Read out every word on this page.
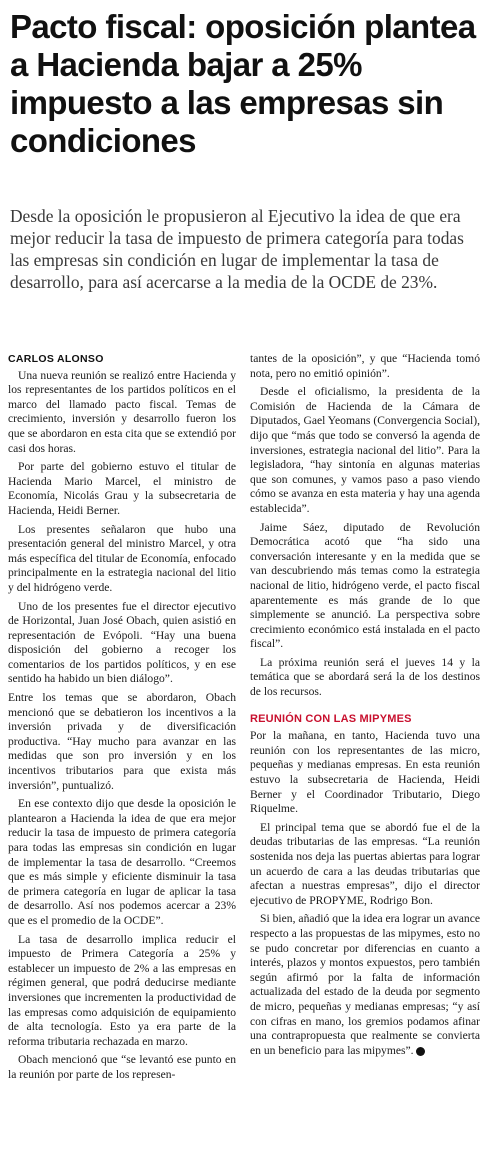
Pacto fiscal: oposición plantea a Hacienda bajar a 25% impuesto a las empresas sin condiciones

Desde la oposición le propusieron al Ejecutivo la idea de que era mejor reducir la tasa de impuesto de primera categoría para todas las empresas sin condición en lugar de implementar la tasa de desarrollo, para así acercarse a la media de la OCDE de 23%.

CARLOS ALONSO

Una nueva reunión se realizó entre Hacienda y los representantes de los partidos políticos en el marco del llamado pacto fiscal. Temas de crecimiento, inversión y desarrollo fueron los que se abordaron en esta cita que se extendió por casi dos horas.

Por parte del gobierno estuvo el titular de Hacienda Mario Marcel, el ministro de Economía, Nicolás Grau y la subsecretaria de Hacienda, Heidi Berner.

Los presentes señalaron que hubo una presentación general del ministro Marcel, y otra más específica del titular de Economía, enfocado principalmente en la estrategia nacional del litio y del hidrógeno verde.

Uno de los presentes fue el director ejecutivo de Horizontal, Juan José Obach, quien asistió en representación de Evópoli. “Hay una buena disposición del gobierno a recoger los comentarios de los partidos políticos, y en ese sentido ha habido un bien diálogo”.

Entre los temas que se abordaron, Obach mencionó que se debatieron los incentivos a la inversión privada y de diversificación productiva. “Hay mucho para avanzar en las medidas que son pro inversión y en los incentivos tributarios para que exista más inversión”, puntualizó.

En ese contexto dijo que desde la oposición le plantearon a Hacienda la idea de que era mejor reducir la tasa de impuesto de primera categoría para todas las empresas sin condición en lugar de implementar la tasa de desarrollo. “Creemos que es más simple y eficiente disminuir la tasa de primera categoría en lugar de aplicar la tasa de desarrollo. Así nos podemos acercar a 23% que es el promedio de la OCDE”.

La tasa de desarrollo implica reducir el impuesto de Primera Categoría a 25% y establecer un impuesto de 2% a las empresas en régimen general, que podrá deducirse mediante inversiones que incrementen la productividad de las empresas como adquisición de equipamiento de alta tecnología. Esto ya era parte de la reforma tributaria rechazada en marzo.

Obach mencionó que “se levantó ese punto en la reunión por parte de los represen-

tantes de la oposición”, y que “Hacienda tomó nota, pero no emitió opinión”.

Desde el oficialismo, la presidenta de la Comisión de Hacienda de la Cámara de Diputados, Gael Yeomans (Convergencia Social), dijo que “más que todo se conversó la agenda de inversiones, estrategia nacional del litio”. Para la legisladora, “hay sintonía en algunas materias que son comunes, y vamos paso a paso viendo cómo se avanza en esta materia y hay una agenda establecida”.

Jaime Sáez, diputado de Revolución Democrática acotó que “ha sido una conversación interesante y en la medida que se van descubriendo más temas como la estrategia nacional de litio, hidrógeno verde, el pacto fiscal aparentemente es más grande de lo que simplemente se anunció. La perspectiva sobre crecimiento económico está instalada en el pacto fiscal”.

La próxima reunión será el jueves 14 y la temática que se abordará será la de los destinos de los recursos.

REUNIÓN CON LAS MIPYMES

Por la mañana, en tanto, Hacienda tuvo una reunión con los representantes de las micro, pequeñas y medianas empresas. En esta reunión estuvo la subsecretaria de Hacienda, Heidi Berner y el Coordinador Tributario, Diego Riquelme.

El principal tema que se abordó fue el de la deudas tributarias de las empresas. “La reunión sostenida nos deja las puertas abiertas para lograr un acuerdo de cara a las deudas tributarias que afectan a nuestras empresas”, dijo el director ejecutivo de PROPYME, Rodrigo Bon.

Si bien, añadió que la idea era lograr un avance respecto a las propuestas de las mipymes, esto no se pudo concretar por diferencias en cuanto a interés, plazos y montos expuestos, pero también según afirmó por la falta de información actualizada del estado de la deuda por segmento de micro, pequeñas y medianas empresas; “y así con cifras en mano, los gremios podamos afinar una contrapropuesta que realmente se convierta en un beneficio para las mipymes”. P
